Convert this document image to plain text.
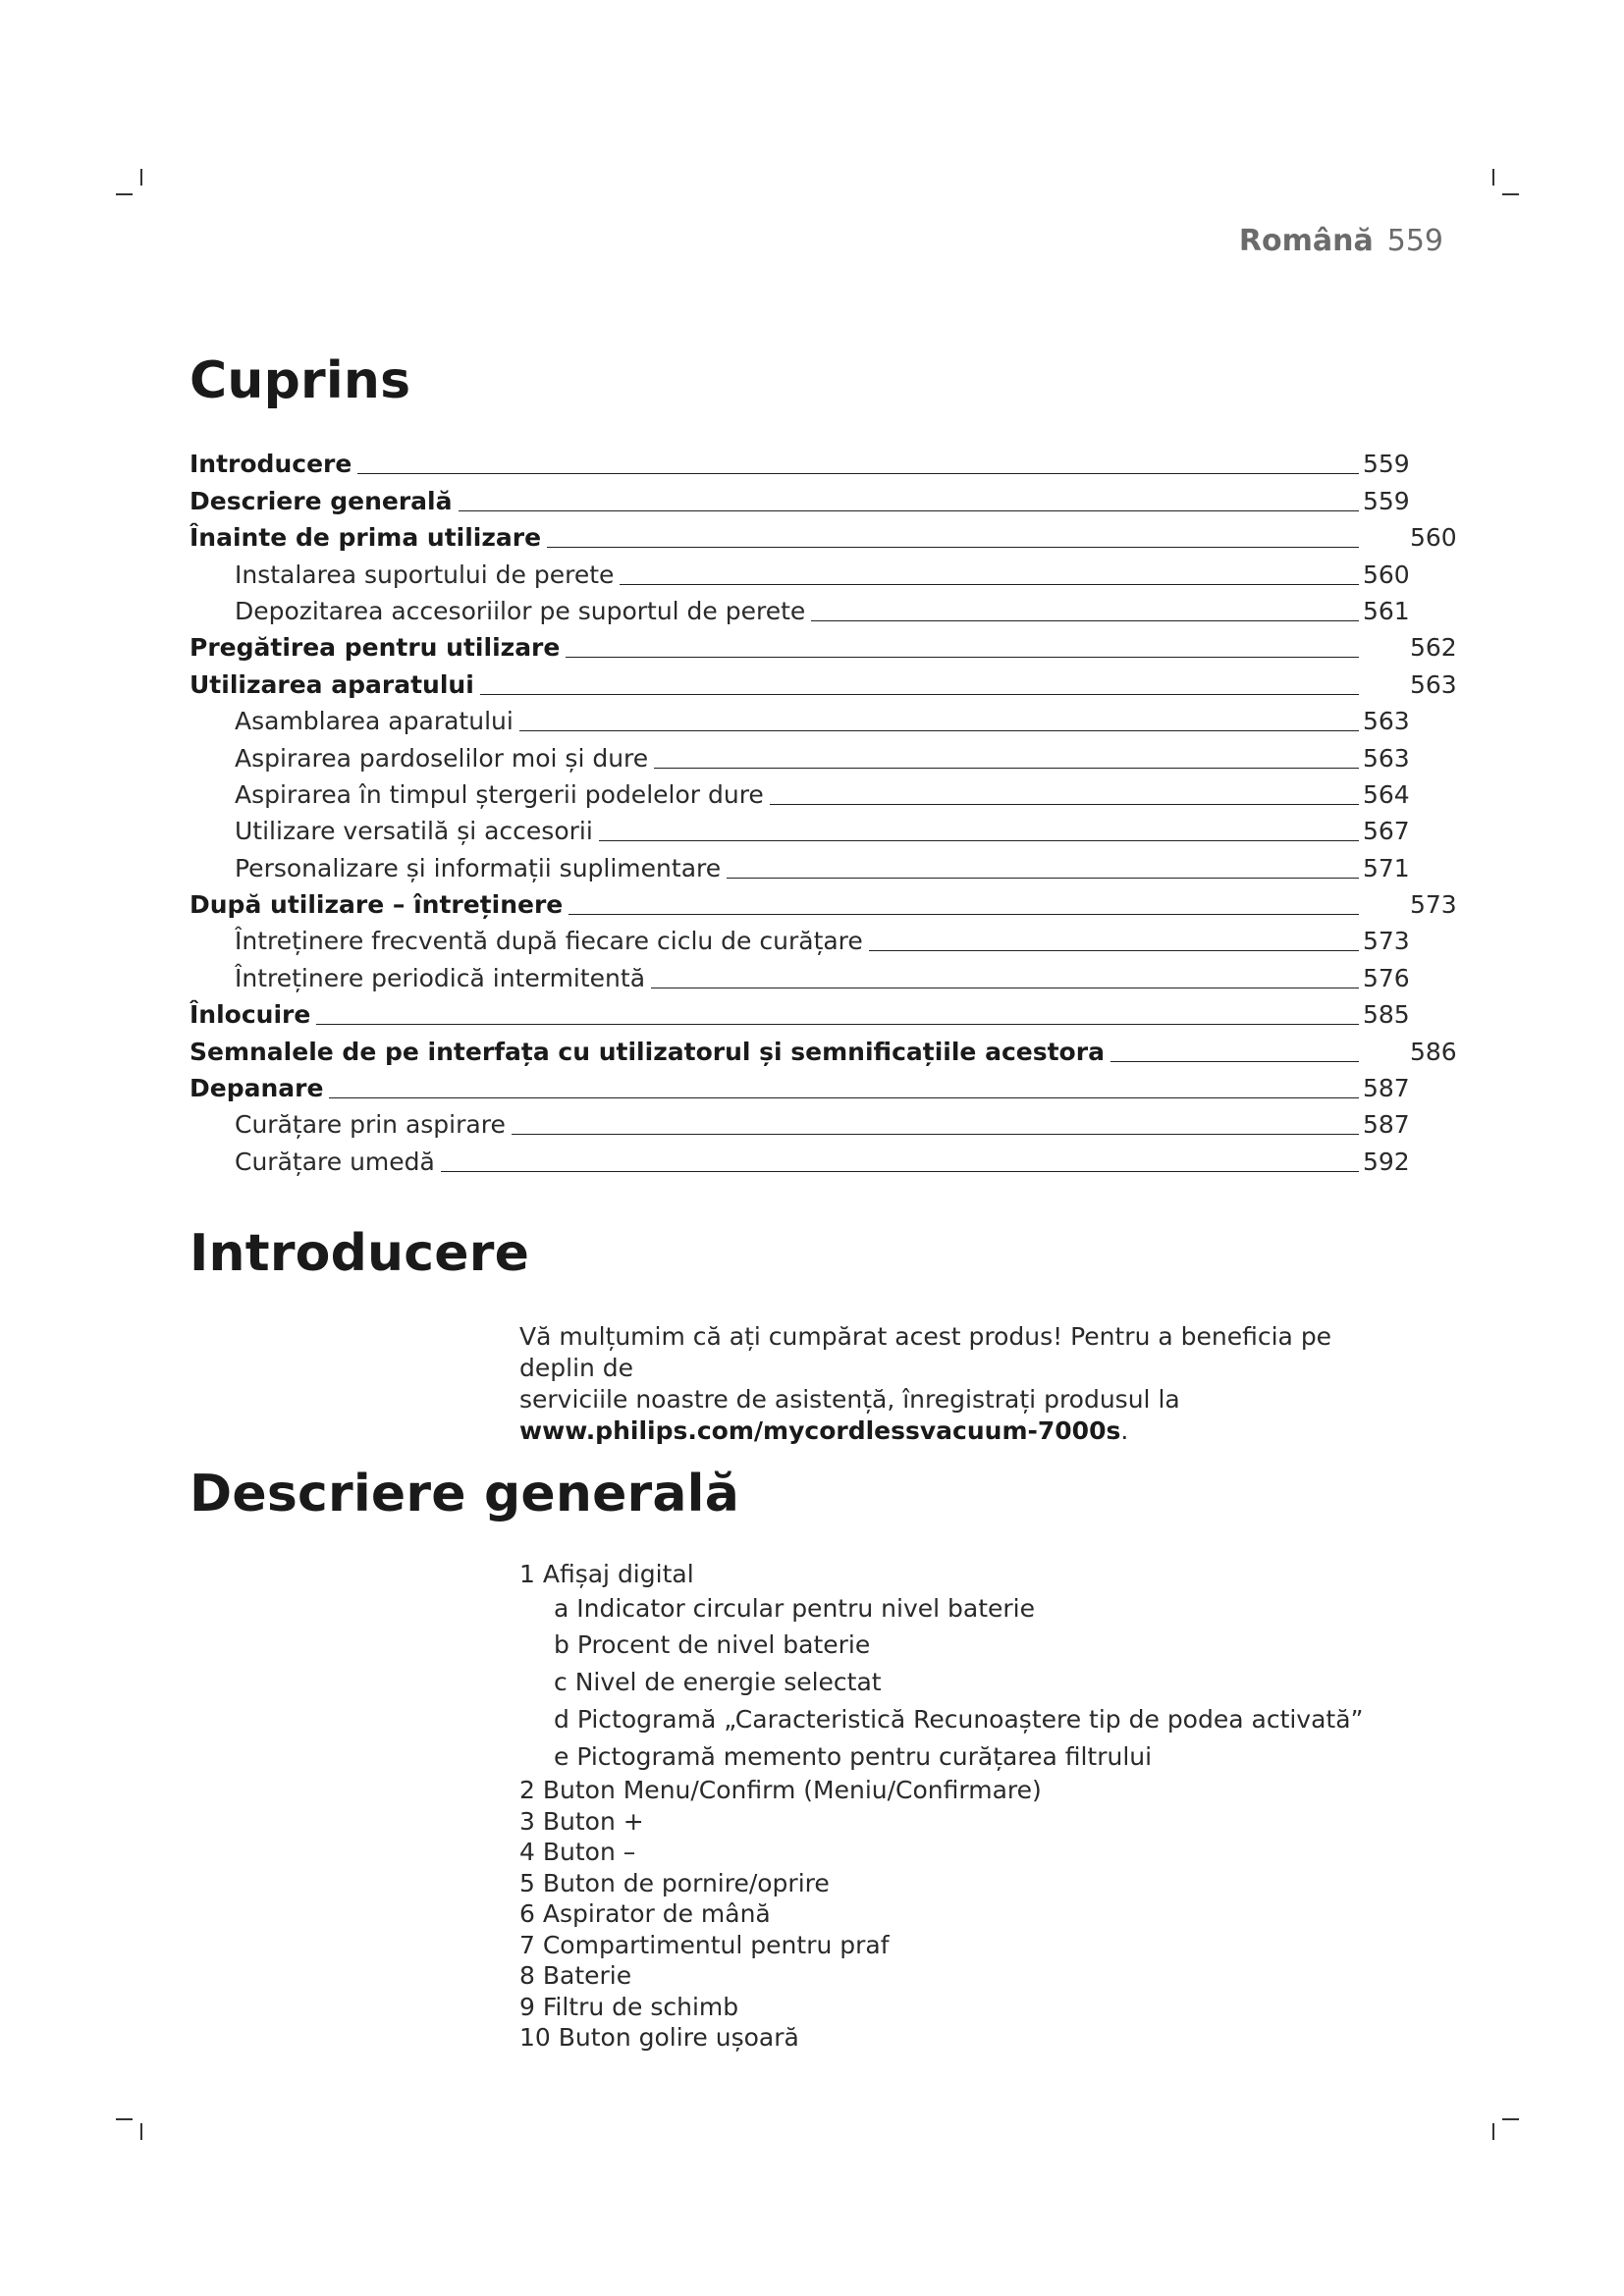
Română 559
Cuprins
Introducere	559
Descriere generală	559
Înainte de prima utilizare	560
Instalarea suportului de perete	560
Depozitarea accesoriilor pe suportul de perete	561
Pregătirea pentru utilizare	562
Utilizarea aparatului	563
Asamblarea aparatului	563
Aspirarea pardoselilor moi și dure	563
Aspirarea în timpul ștergerii podelelor dure	564
Utilizare versatilă și accesorii	567
Personalizare și informații suplimentare	571
După utilizare – întreținere	573
Întreținere frecventă după fiecare ciclu de curățare	573
Întreținere periodică intermitentă	576
Înlocuire	585
Semnalele de pe interfața cu utilizatorul și semnificațiile acestora	586
Depanare	587
Curățare prin aspirare	587
Curățare umedă	592
Introducere
Vă mulțumim că ați cumpărat acest produs! Pentru a beneficia pe deplin de
serviciile noastre de asistență, înregistrați produsul la
www.philips.com/mycordlessvacuum-7000s.
Descriere generală
1 Afișaj digital
a Indicator circular pentru nivel baterie
b Procent de nivel baterie
c Nivel de energie selectat
d Pictogramă „Caracteristică Recunoaștere tip de podea activată”
e Pictogramă memento pentru curățarea filtrului
2 Buton Menu/Confirm (Meniu/Confirmare)
3 Buton +
4 Buton –
5 Buton de pornire/oprire
6 Aspirator de mână
7 Compartimentul pentru praf
8 Baterie
9 Filtru de schimb
10 Buton golire ușoară
